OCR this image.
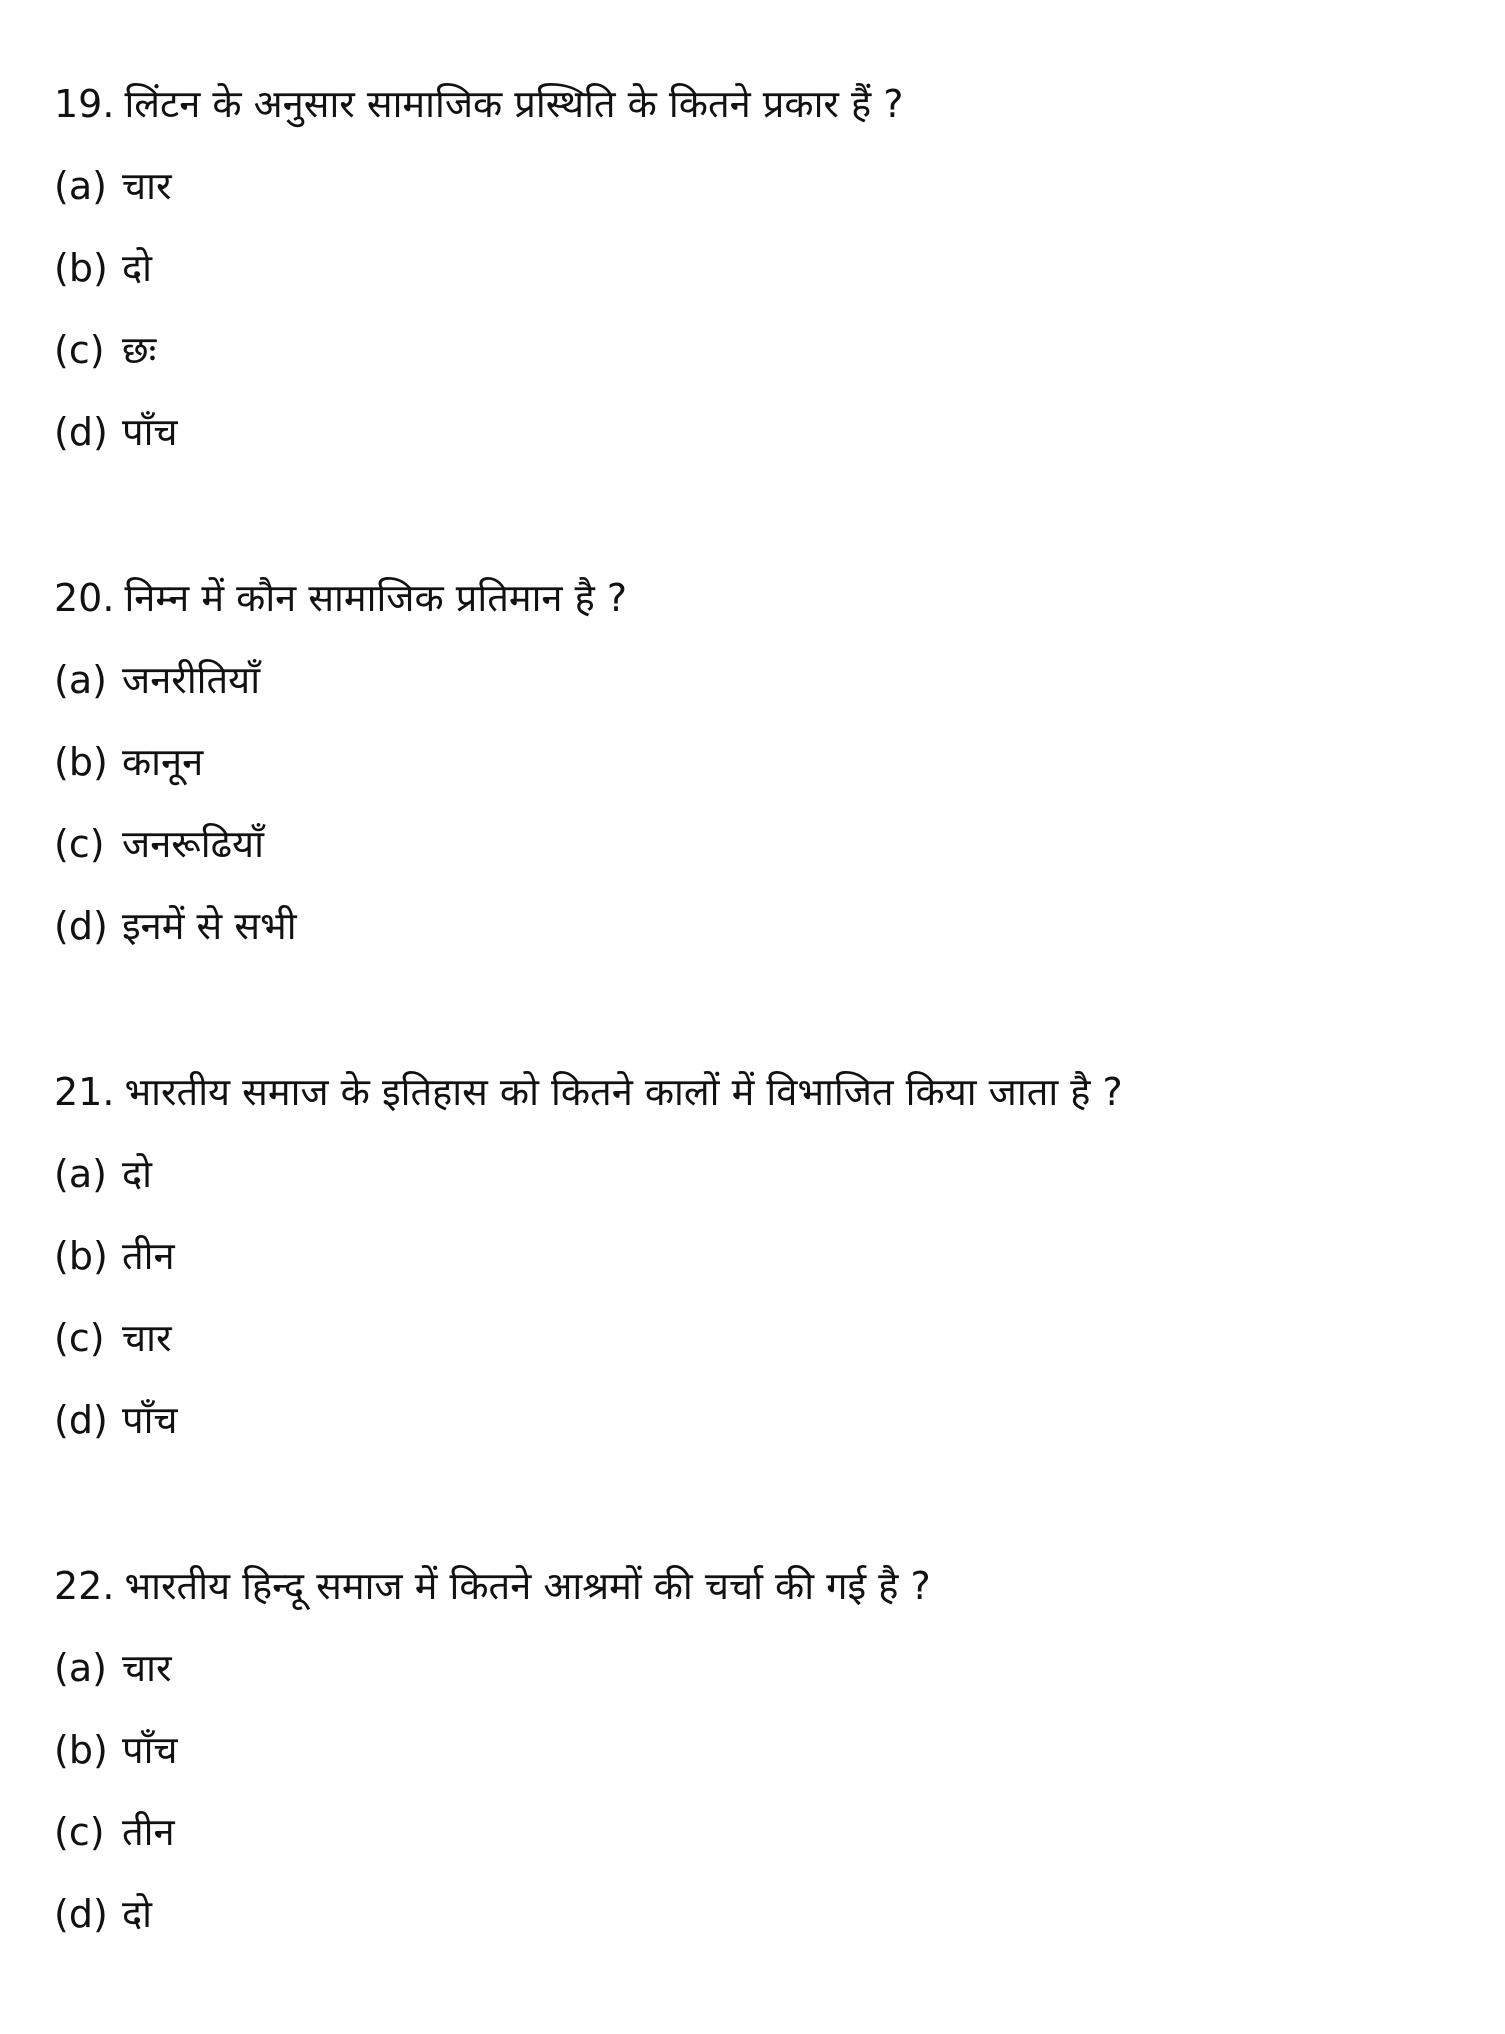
19. लिंटन के अनुसार सामाजिक प्रस्थिति के कितने प्रकार हैं ?
(a) चार
(b) दो
(c) छः
(d) पाँच
20. निम्न में कौन सामाजिक प्रतिमान है ?
(a) जनरीतियाँ
(b) कानून
(c) जनरूढियाँ
(d) इनमें से सभी
21. भारतीय समाज के इतिहास को कितने कालों में विभाजित किया जाता है ?
(a) दो
(b) तीन
(c) चार
(d) पाँच
22. भारतीय हिन्दू समाज में कितने आश्रमों की चर्चा की गई है ?
(a) चार
(b) पाँच
(c) तीन
(d) दो
